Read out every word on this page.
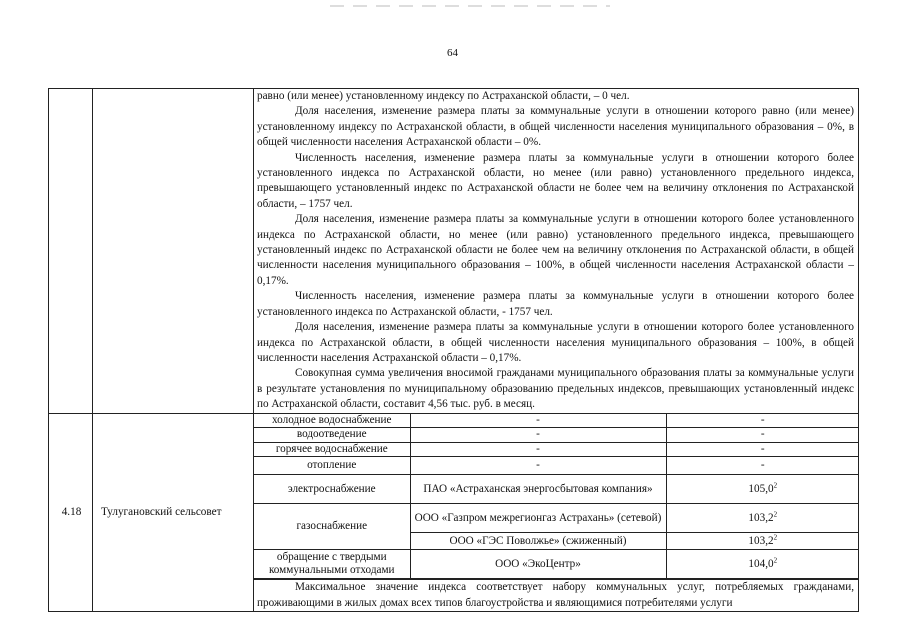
64

равно (или менее) установленному индексу по Астраханской области, – 0 чел.

Доля населения, изменение размера платы за коммунальные услуги в отношении которого равно (или менее) установленному индексу по Астраханской области, в общей численности населения муниципального образования – 0%, в общей численности населения Астраханской области – 0%.

Численность населения, изменение размера платы за коммунальные услуги в отношении которого более установленного индекса по Астраханской области, но менее (или равно) установленного предельного индекса, превышающего установленный индекс по Астраханской области не более чем на величину отклонения по Астраханской области, – 1757 чел.

Доля населения, изменение размера платы за коммунальные услуги в отношении которого более установленного индекса по Астраханской области, но менее (или равно) установленного предельного индекса, превышающего установленный индекс по Астраханской области не более чем на величину отклонения по Астраханской области, в общей численности населения муниципального образования – 100%, в общей численности населения Астраханской области – 0,17%.

Численность населения, изменение размера платы за коммунальные услуги в отношении которого более установленного индекса по Астраханской области, - 1757 чел.

Доля населения, изменение размера платы за коммунальные услуги в отношении которого более установленного индекса по Астраханской области, в общей численности населения муниципального образования – 100%, в общей численности населения Астраханской области – 0,17%.

Совокупная сумма увеличения вносимой гражданами муниципального образования платы за коммунальные услуги в результате установления по муниципальному образованию предельных индексов, превышающих установленный индекс по Астраханской области, составит 4,56 тыс. руб. в месяц.

4.18	Тулугановский сельсовет	
холодное водоснабжение	-	-
водоотведение	-	-
горячее водоснабжение	-	-
отопление	-	-
электроснабжение	ПАО «Астраханская энергосбытовая компания»	105,0$^2$
газоснабжение	ООО «Газпром межрегионгаз Астрахань» (сетевой)	103,2$^2$
ООО «ГЭС Поволжье» (сжиженный)	103,2$^2$
обращение с твердыми коммунальными отходами	ООО «ЭкоЦентр»	104,0$^2$

Максимальное значение индекса соответствует набору коммунальных услуг, потребляемых гражданами, проживающими в жилых домах всех типов благоустройства и являющимися потребителями услуги
